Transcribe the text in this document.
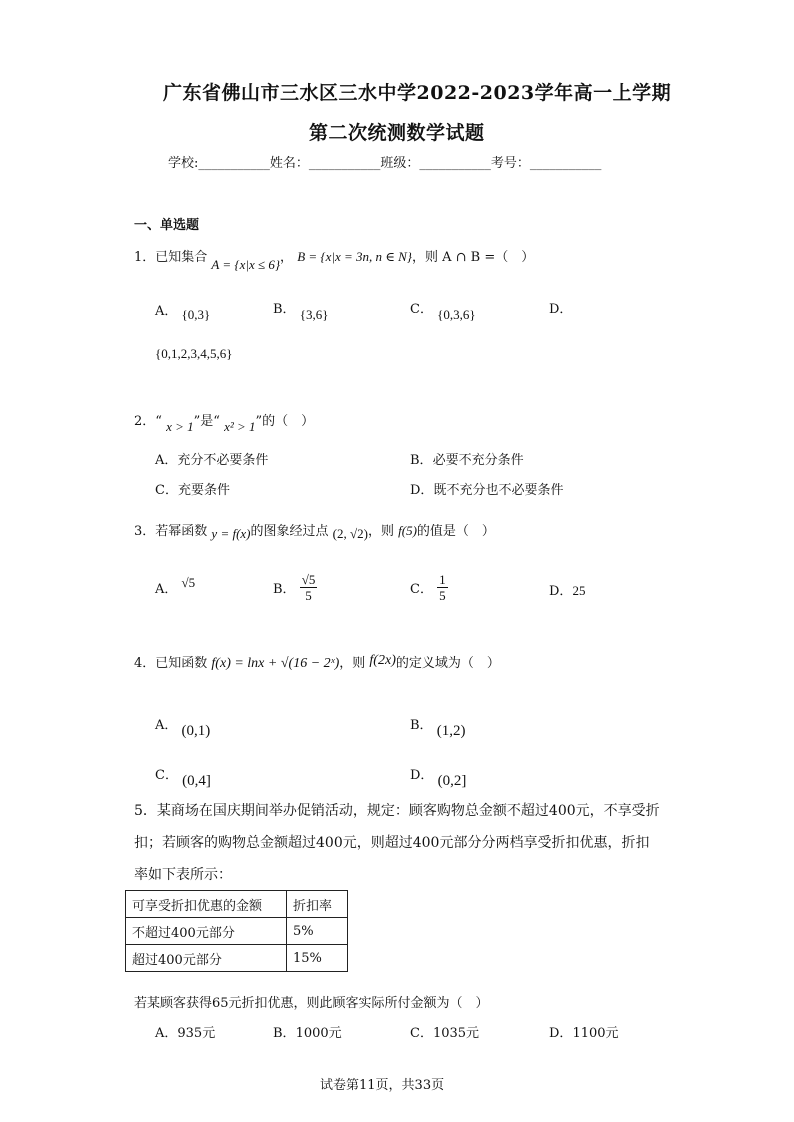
广东省佛山市三水区三水中学2022-2023学年高一上学期
第二次统测数学试题
学校:___________姓名：___________班级：___________考号：___________
一、单选题
1．已知集合 A = {x|x ≤ 6}， B = {x|x = 3n, n ∈ N}，则 A ∩ B =（　）
A． {0,3}	B． {3,6}	C． {0,3,6}	D．
{0,1,2,3,4,5,6}
2．“ x > 1”是“ x² > 1”的（　）
A．充分不必要条件	B．必要不充分条件
C．充要条件	D．既不充分也不必要条件
3．若幂函数 y = f(x)的图象经过点 (2, √2)，则 f(5)的值是（　）
A． √5	B． $\frac{√5}{5}$	C． $\frac{1}{5}$	D．25
4．已知函数 f(x) = lnx + √(16 − 2ˣ)，则 f(2x)的定义域为（　）
A． (0,1)	B． (1,2)
C． (0,4]	D． (0,2]
5．某商场在国庆期间举办促销活动，规定：顾客购物总金额不超过400元，不享受折
扣；若顾客的购物总金额超过400元，则超过400元部分分两档享受折扣优惠，折扣
率如下表所示：
可享受折扣优惠的金额	折扣率
不超过400元部分	5%
超过400元部分	15%
若某顾客获得65元折扣优惠，则此顾客实际所付金额为（　）
A．935元	B．1000元	C．1035元	D．1100元
试卷第11页，共33页
